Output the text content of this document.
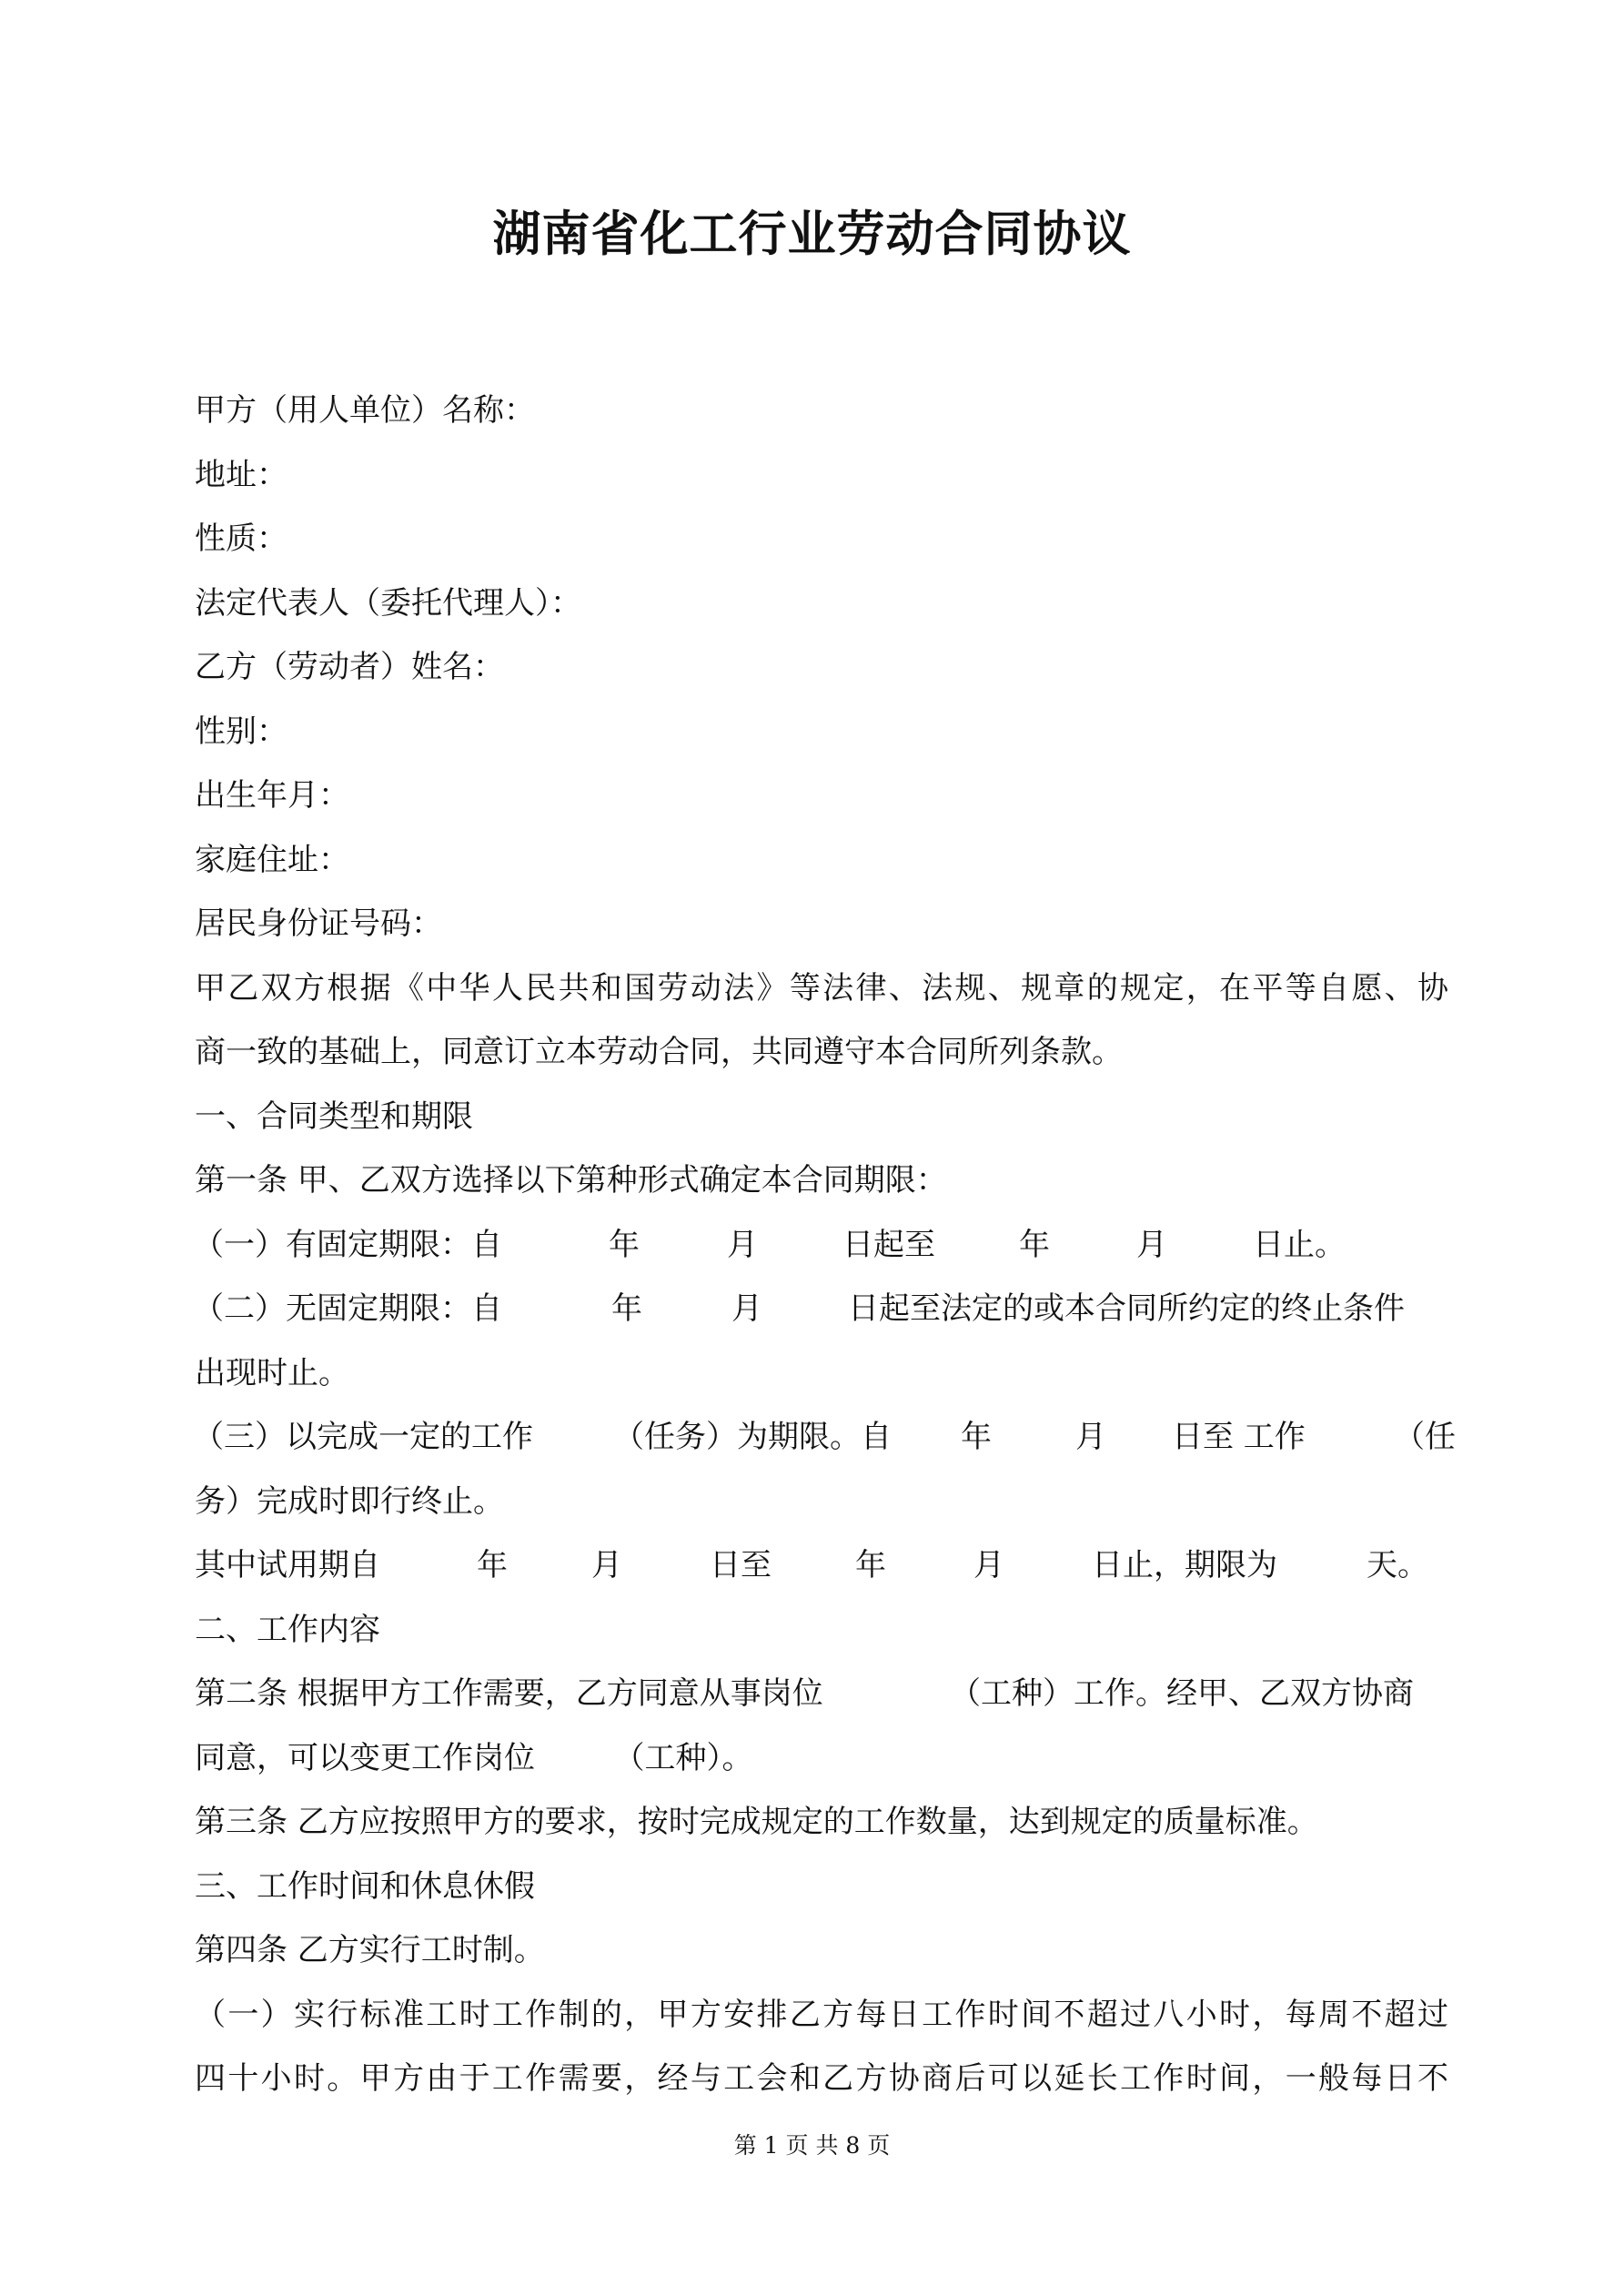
湖南省化工行业劳动合同协议
甲方（用人单位）名称：
地址：
性质：
法定代表人（委托代理人）：
乙方（劳动者）姓名：
性别：
出生年月：
家庭住址：
居民身份证号码：
甲乙双方根据《中华人民共和国劳动法》等法律、法规、规章的规定，在平等自愿、协
商一致的基础上，同意订立本劳动合同，共同遵守本合同所列条款。
一、合同类型和期限
第一条 甲、乙双方选择以下第种形式确定本合同期限：
（一）有固定期限：自	年	月	日起至	年	月	日止。
（二）无固定期限：自	年	月	日起至法定的或本合同所约定的终止条件
出现时止。
（三）以完成一定的工作	（任务）为期限。自 年	月 日至 工作	（任
务）完成时即行终止。
其中试用期自	年	月	日至	年	月	日止，期限为	天。
二、工作内容
第二条 根据甲方工作需要，乙方同意从事岗位	（工种）工作。经甲、乙双方协商
同意，可以变更工作岗位        （工种）。
第三条 乙方应按照甲方的要求，按时完成规定的工作数量，达到规定的质量标准。
三、工作时间和休息休假
第四条 乙方实行工时制。
（一）实行标准工时工作制的，甲方安排乙方每日工作时间不超过八小时，每周不超过
四十小时。甲方由于工作需要，经与工会和乙方协商后可以延长工作时间，一般每日不
第 1 页 共 8 页
